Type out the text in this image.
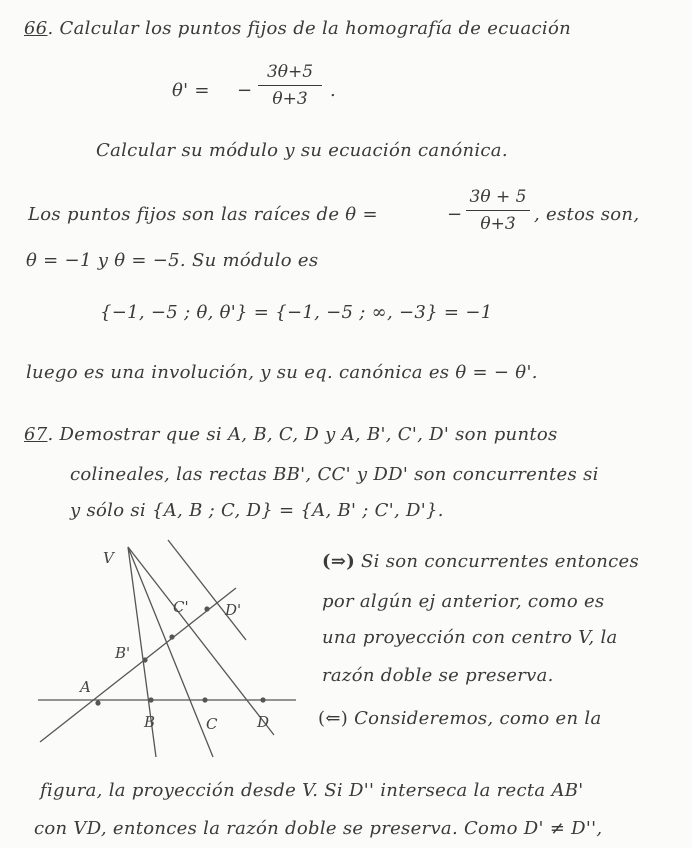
66. Calcular los puntos fijos de la homografía de ecuación
θ' = −
3θ+5
θ+3	.
Calcular su módulo y su ecuación canónica.
Los puntos fijos son las raíces de θ =	−
3θ + 5
θ+3	, estos son,
θ = −1 y θ = −5. Su módulo es
{−1, −5 ; θ, θ'} = {−1, −5 ; ∞, −3} = −1
luego es una involución, y su eq. canónica es θ = − θ'.
67. Demostrar que si A, B, C, D y A, B', C', D' son puntos
colineales, las rectas BB', CC' y DD' son concurrentes si
y sólo si {A, B ; C, D} = {A, B' ; C', D'}.
(⇒) Si son concurrentes entonces
por algún ej anterior, como es
una proyección con centro V, la
razón doble se preserva.
(⇐) Consideremos, como en la
figura, la proyección desde V. Si D'' interseca la recta AB'
con VD, entonces la razón doble se preserva. Como D' ≠ D'',
V
A
B	C	D
B'
C' D'
